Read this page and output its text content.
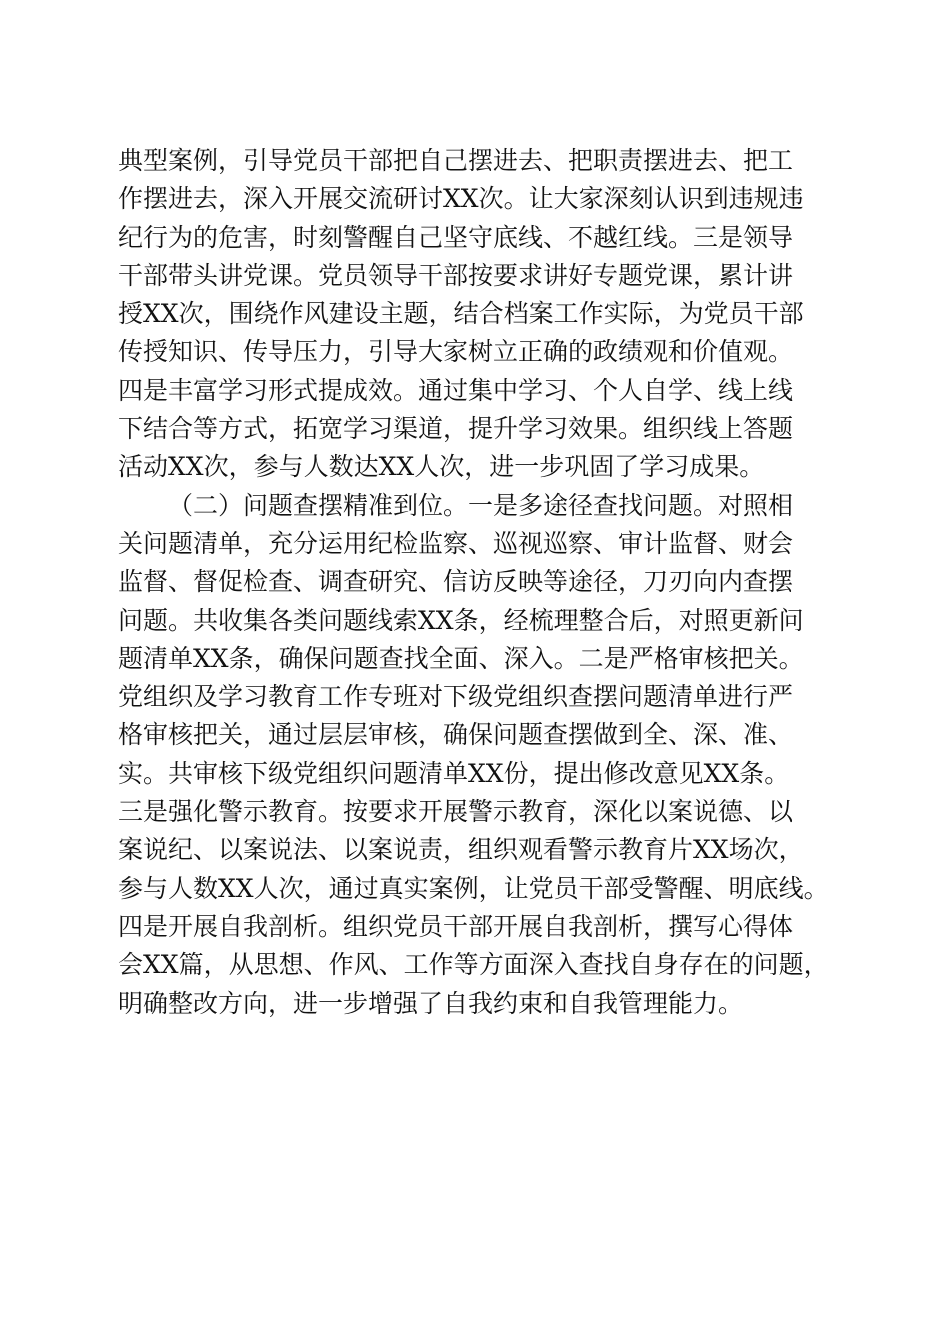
典型案例，引导党员干部把自己摆进去、把职责摆进去、把工
作摆进去，深入开展交流研讨XX次。让大家深刻认识到违规违
纪行为的危害，时刻警醒自己坚守底线、不越红线。三是领导
干部带头讲党课。党员领导干部按要求讲好专题党课，累计讲
授XX次，围绕作风建设主题，结合档案工作实际，为党员干部
传授知识、传导压力，引导大家树立正确的政绩观和价值观。
四是丰富学习形式提成效。通过集中学习、个人自学、线上线
下结合等方式，拓宽学习渠道，提升学习效果。组织线上答题
活动XX次，参与人数达XX人次，进一步巩固了学习成果。
（二）问题查摆精准到位。一是多途径查找问题。对照相
关问题清单，充分运用纪检监察、巡视巡察、审计监督、财会
监督、督促检查、调查研究、信访反映等途径，刀刃向内查摆
问题。共收集各类问题线索XX条，经梳理整合后，对照更新问
题清单XX条，确保问题查找全面、深入。二是严格审核把关。
党组织及学习教育工作专班对下级党组织查摆问题清单进行严
格审核把关，通过层层审核，确保问题查摆做到全、深、准、
实。共审核下级党组织问题清单XX份，提出修改意见XX条。
三是强化警示教育。按要求开展警示教育，深化以案说德、以
案说纪、以案说法、以案说责，组织观看警示教育片XX场次，
参与人数XX人次，通过真实案例，让党员干部受警醒、明底线。
四是开展自我剖析。组织党员干部开展自我剖析，撰写心得体
会XX篇，从思想、作风、工作等方面深入查找自身存在的问题，
明确整改方向，进一步增强了自我约束和自我管理能力。
